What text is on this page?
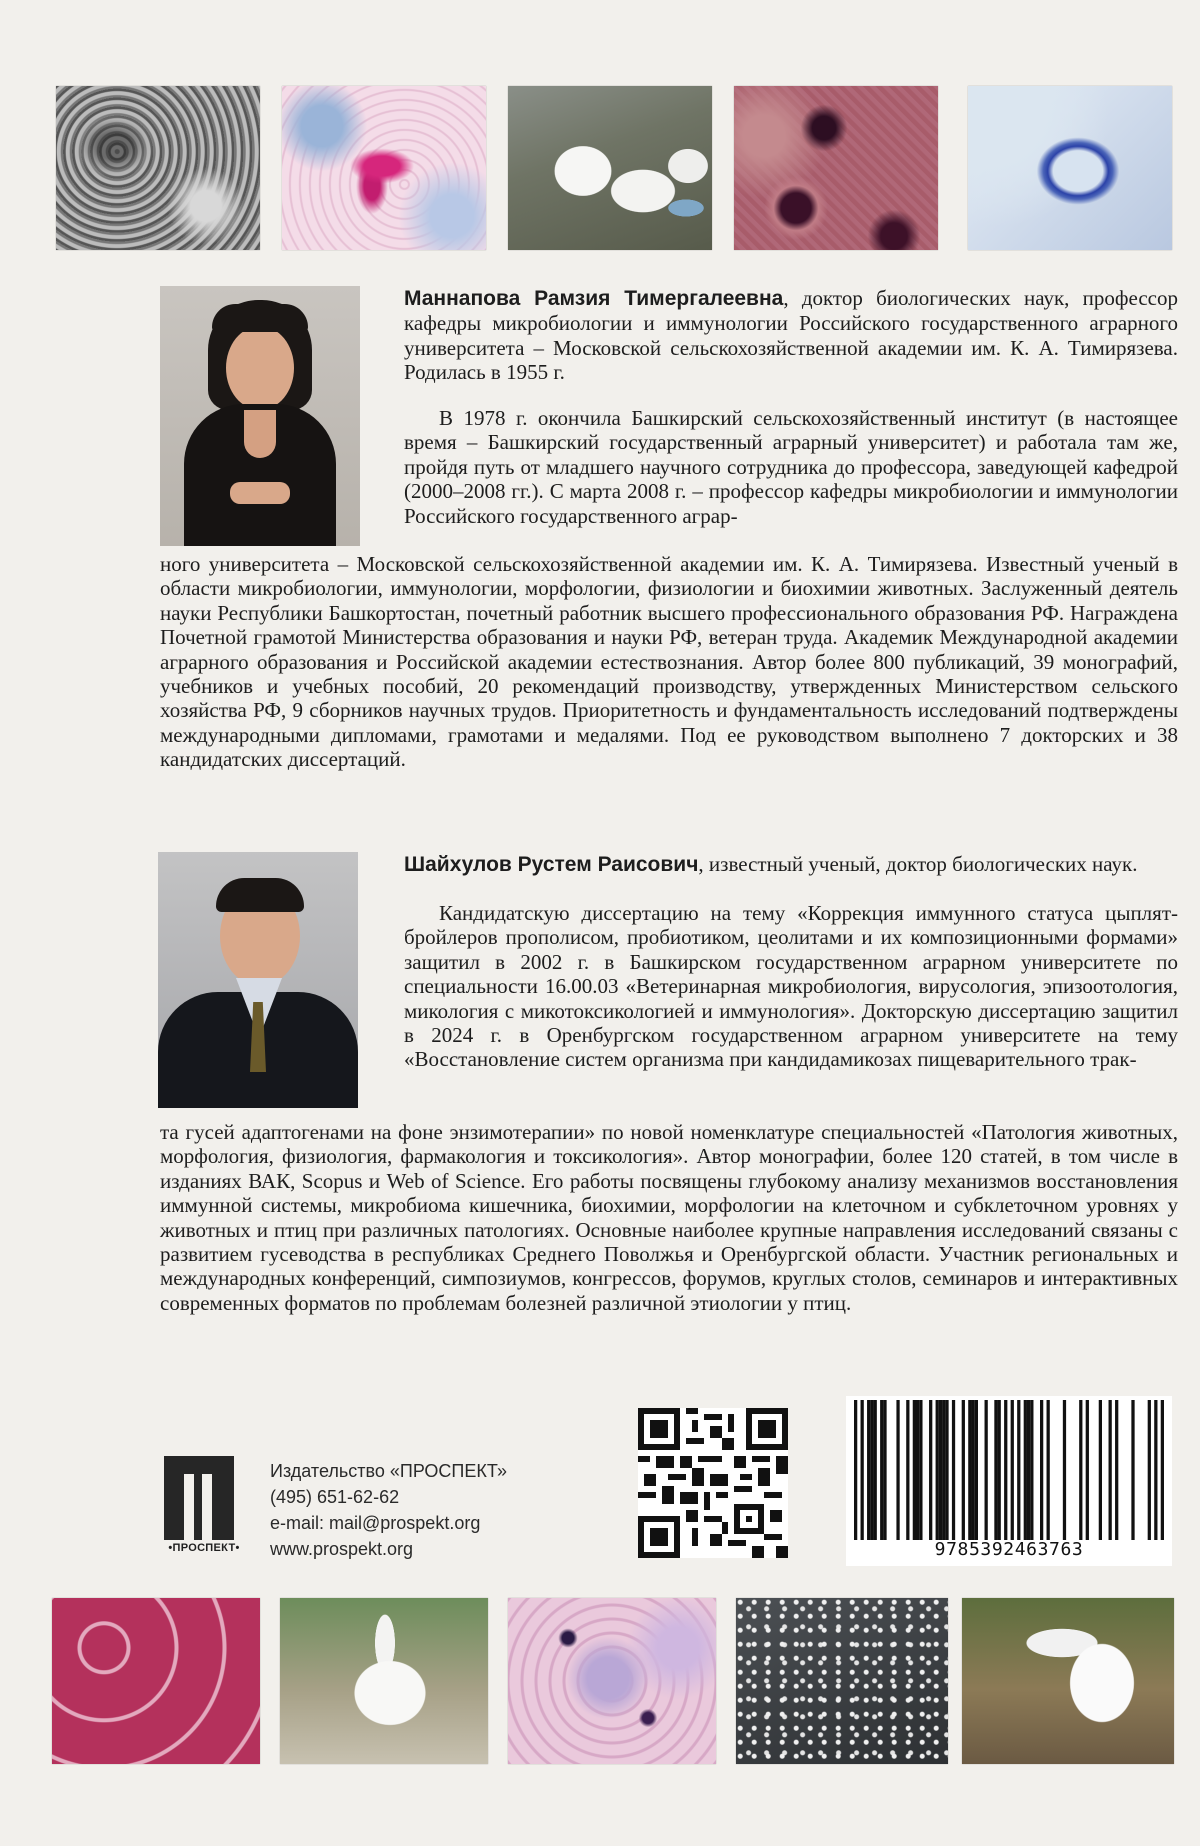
Маннапова Рамзия Тимергалеевна, доктор биологических наук, профессор кафедры микробиологии и иммунологии Российского государственного аграрного университета – Московской сельскохозяйственной академии им. К. А. Тимирязева. Родилась в 1955 г.

В 1978 г. окончила Башкирский сельскохозяйственный институт (в настоящее время – Башкирский государственный аграрный университет) и работала там же, пройдя путь от младшего научного сотрудника до профессора, заведующей кафедрой (2000–2008 гг.). С марта 2008 г. – профессор кафедры микробиологии и иммунологии Российского государственного аграр-

ного университета – Московской сельскохозяйственной академии им. К. А. Тимирязева. Известный ученый в области микробиологии, иммунологии, морфологии, физиологии и биохимии животных. Заслуженный деятель науки Республики Башкортостан, почетный работник высшего профессионального образования РФ. Награждена Почетной грамотой Министерства образования и науки РФ, ветеран труда. Академик Международной академии аграрного образования и Российской академии естествознания. Автор более 800 публикаций, 39 монографий, учебников и учебных пособий, 20 рекомендаций производству, утвержденных Министерством сельского хозяйства РФ, 9 сборников научных трудов. Приоритетность и фундаментальность исследований подтверждены международными дипломами, грамотами и медалями. Под ее руководством выполнено 7 докторских и 38 кандидатских диссертаций.

Шайхулов Рустем Раисович, известный ученый, доктор биологических наук.

Кандидатскую диссертацию на тему «Коррекция иммунного статуса цыплят-бройлеров прополисом, пробиотиком, цеолитами и их композиционными формами» защитил в 2002 г. в Башкирском государственном аграрном университете по специальности 16.00.03 «Ветеринарная микробиология, вирусология, эпизоотология, микология с микотоксикологией и иммунология». Докторскую диссертацию защитил в 2024 г. в Оренбургском государственном аграрном университете на тему «Восстановление систем организма при кандидамикозах пищеварительного трак-

та гусей адаптогенами на фоне энзимотерапии» по новой номенклатуре специальностей «Патология животных, морфология, физиология, фармакология и токсикология». Автор монографии, более 120 статей, в том числе в изданиях ВАК, Scopus и Web of Science. Его работы посвящены глубокому анализу механизмов восстановления иммунной системы, микробиома кишечника, биохимии, морфологии на клеточном и субклеточном уровнях у животных и птиц при различных патологиях. Основные наиболее крупные направления исследований связаны с развитием гусеводства в республиках Среднего Поволжья и Оренбургской области. Участник региональных и международных конференций, симпозиумов, конгрессов, форумов, круглых столов, семинаров и интерактивных современных форматов по проблемам болезней различной этиологии у птиц.

•ПРОСПЕКТ•
Издательство «ПРОСПЕКТ»
(495) 651-62-62
e-mail: mail@prospekt.org
www.prospekt.org	9785392463763
